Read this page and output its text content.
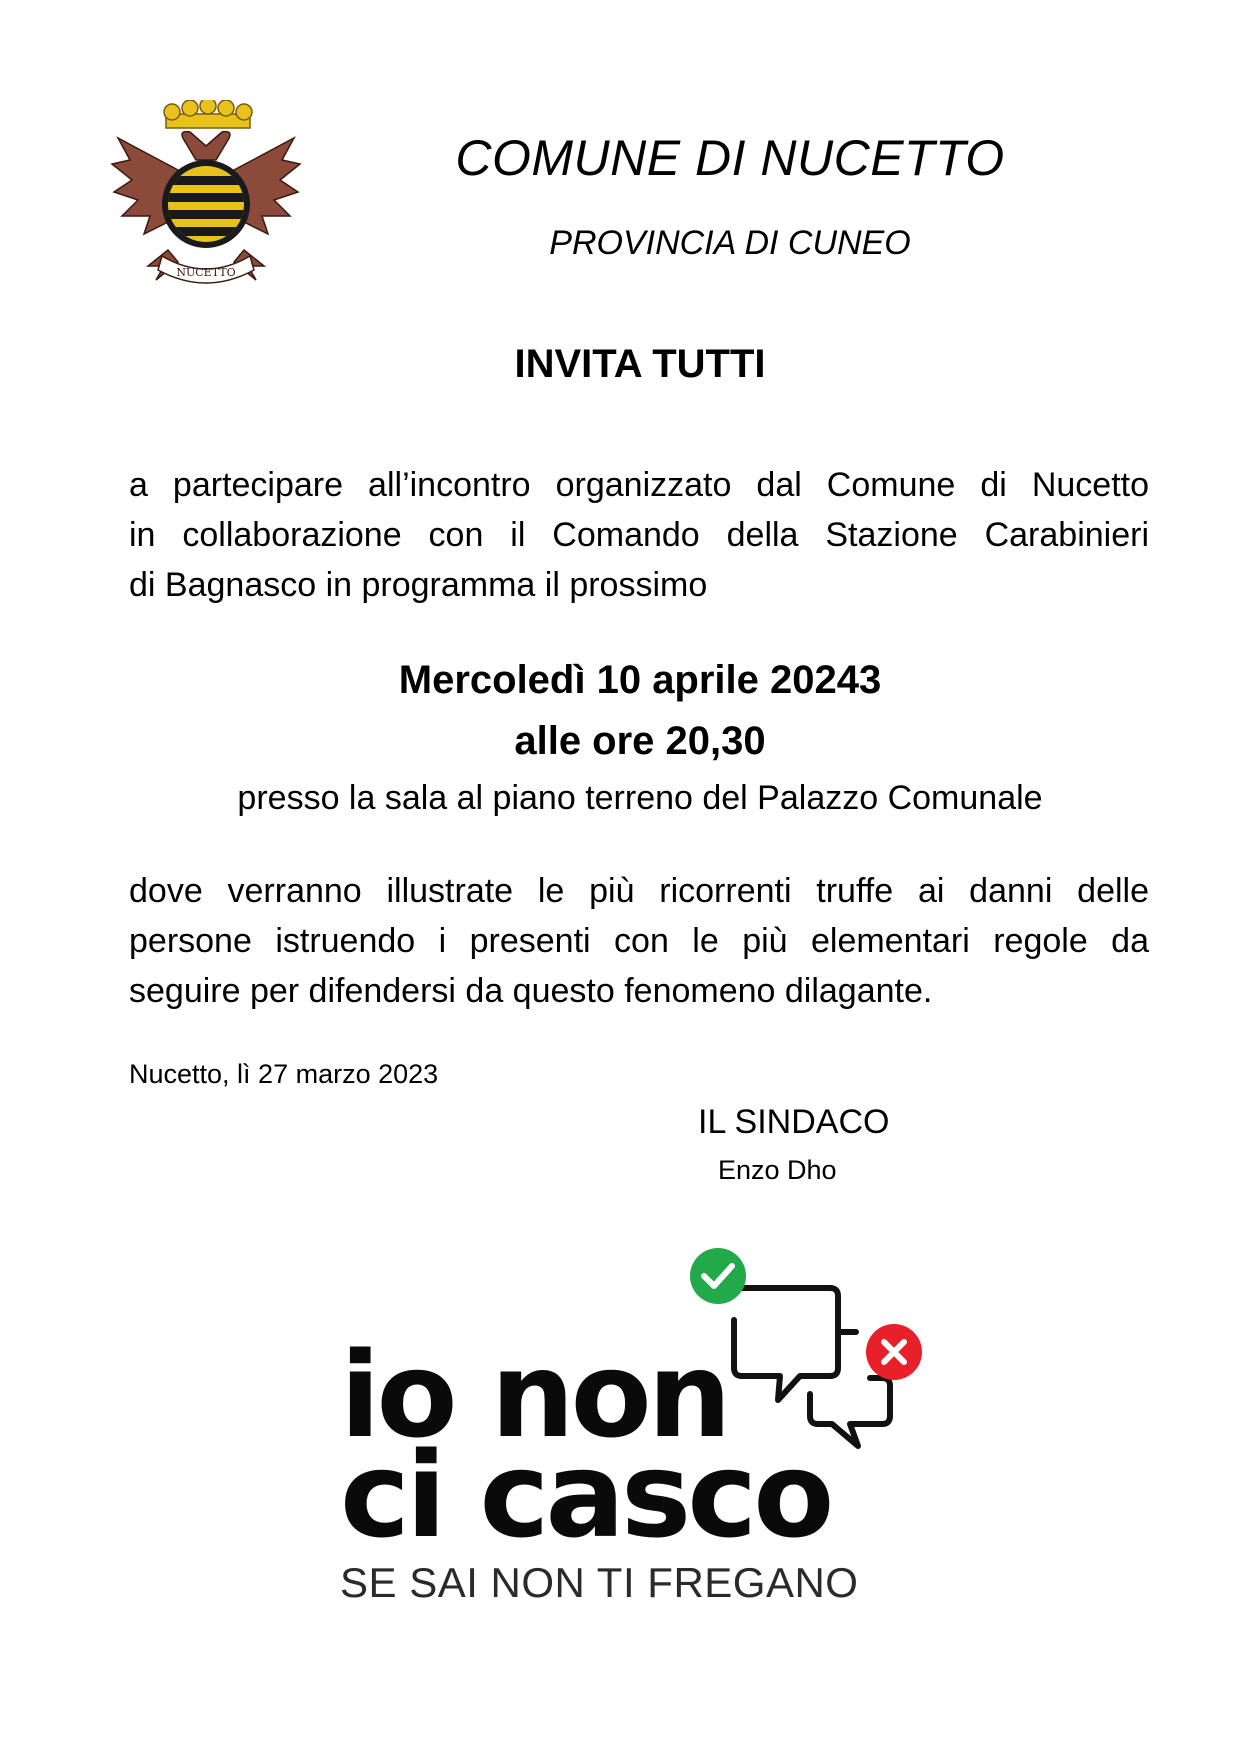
NUCETTO
COMUNE DI NUCETTO
PROVINCIA DI CUNEO
INVITA TUTTI
a partecipare all’incontro organizzato dal Comune di Nucetto
in collaborazione con il Comando della Stazione Carabinieri
di Bagnasco in programma il prossimo
Mercoledì 10 aprile 20243
alle ore 20,30
presso la sala al piano terreno del Palazzo Comunale
dove verranno illustrate le più ricorrenti truffe ai danni delle
persone istruendo i presenti con le più elementari regole da
seguire per difendersi da questo fenomeno dilagante.
Nucetto, lì 27 marzo 2023
IL SINDACO
Enzo Dho
io non
ci casco
SE SAI NON TI FREGANO
